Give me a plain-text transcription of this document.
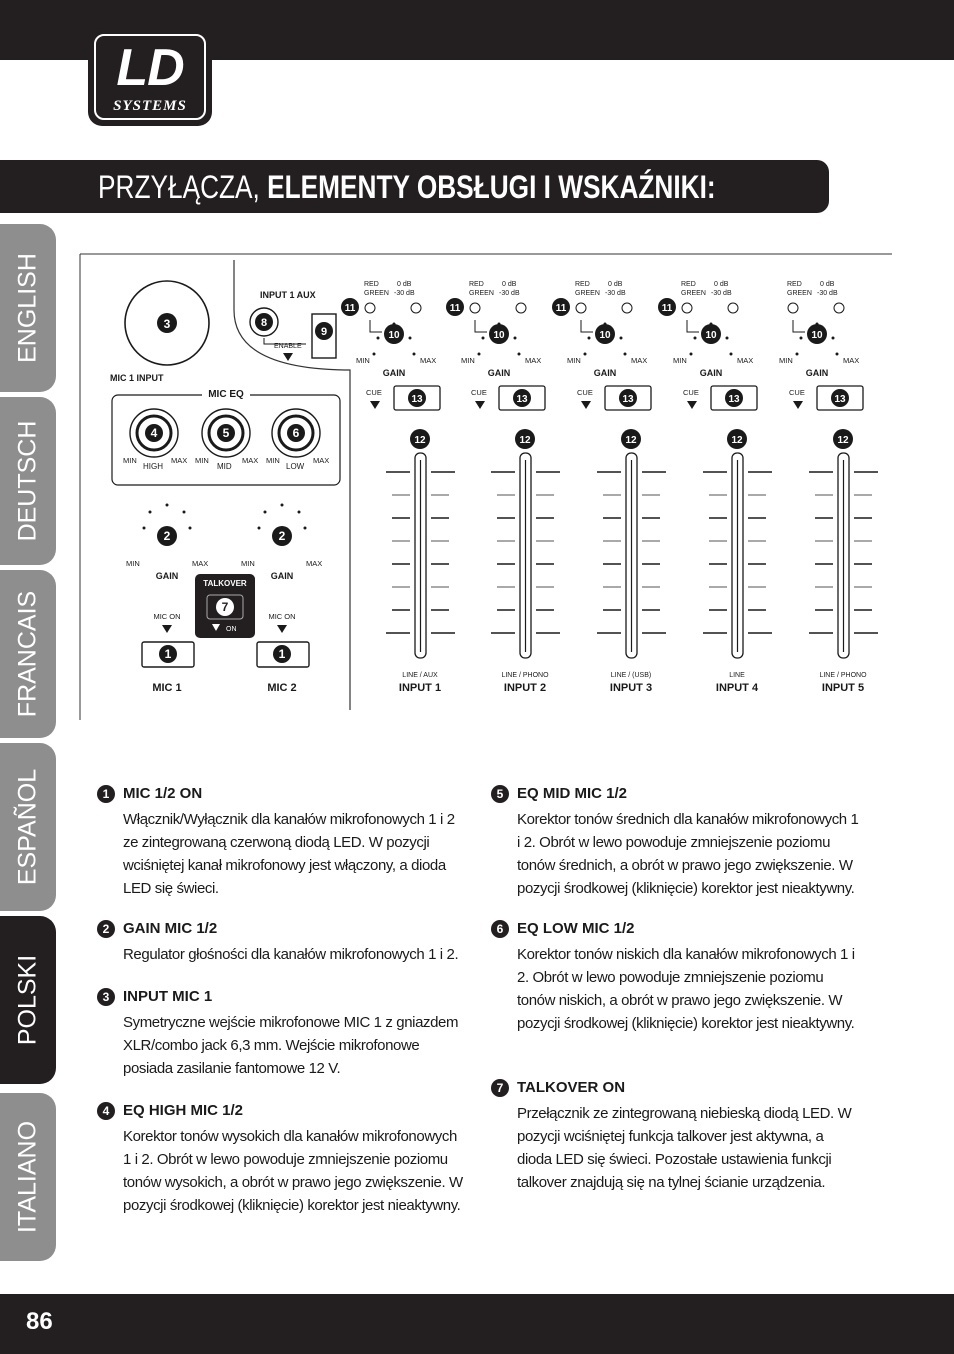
LD
SYSTEMS
PRZYŁĄCZA, ELEMENTY OBSŁUGI I WSKAŹNIKI:
ENGLISH
DEUTSCH
FRANCAIS
ESPAÑOL
POLSKI
ITALIANO
3
MIC 1 INPUT
INPUT 1 AUX
8
ENABLE
9
MIC EQ
4	5	6
MIN	MAX
HIGH
MIN	MAX
MID
MIN	MAX
LOW
2
MIN	MAX
GAIN
2
MIN	MAX
GAIN
TALKOVER
7
ON
MIC ON
1
MIC 1
MIC ON
1
MIC 2
RED	0 dB
GREEN -30 dB
11
10
MIN	MAX
GAIN
CUE
13
12
LINE / AUX
INPUT 1
RED	0 dB
GREEN -30 dB
11
10
MIN	MAX
GAIN
CUE
13
12
LINE / PHONO
INPUT 2
RED	0 dB
GREEN -30 dB
11
10
MIN	MAX
GAIN
CUE
13
12
LINE / (USB)
INPUT 3
RED	0 dB
GREEN -30 dB
11
10
MIN	MAX
GAIN
CUE
13
12
LINE
INPUT 4
RED	0 dB
GREEN -30 dB
10
MIN	MAX
GAIN
CUE
13
12
LINE / PHONO
INPUT 5
1 MIC 1/2 ON
Włącznik/Wyłącznik dla kanałów mikrofonowych 1 i 2 ze zintegrowaną czerwoną diodą LED. W pozycji wciśniętej kanał mikrofonowy jest włączony, a dioda LED się świeci.
2 GAIN MIC 1/2
Regulator głośności dla kanałów mikrofonowych 1 i 2.
3 INPUT MIC 1
Symetryczne wejście mikrofonowe MIC 1 z gniazdem XLR/combo jack 6,3 mm. Wejście mikrofonowe posiada zasilanie fantomowe 12 V.
4 EQ HIGH MIC 1/2
Korektor tonów wysokich dla kanałów mikrofonowych 1 i 2. Obrót w lewo powoduje zmniejszenie poziomu tonów wysokich, a obrót w prawo jego zwiększenie. W pozycji środkowej (kliknięcie) korektor jest nieaktywny.
5 EQ MID MIC 1/2
Korektor tonów średnich dla kanałów mikrofonowych 1 i 2. Obrót w lewo powoduje zmniejszenie poziomu tonów średnich, a obrót w prawo jego zwiększenie. W pozycji środkowej (kliknięcie) korektor jest nieaktywny.
6 EQ LOW MIC 1/2
Korektor tonów niskich dla kanałów mikrofonowych 1 i 2. Obrót w lewo powoduje zmniejszenie poziomu tonów niskich, a obrót w prawo jego zwiększenie. W pozycji środkowej (kliknięcie) korektor jest nieaktywny.
7 TALKOVER ON
Przełącznik ze zintegrowaną niebieską diodą LED. W pozycji wciśniętej funkcja talkover jest aktywna, a dioda LED się świeci. Pozostałe ustawienia funkcji talkover znajdują się na tylnej ścianie urządzenia.
86
